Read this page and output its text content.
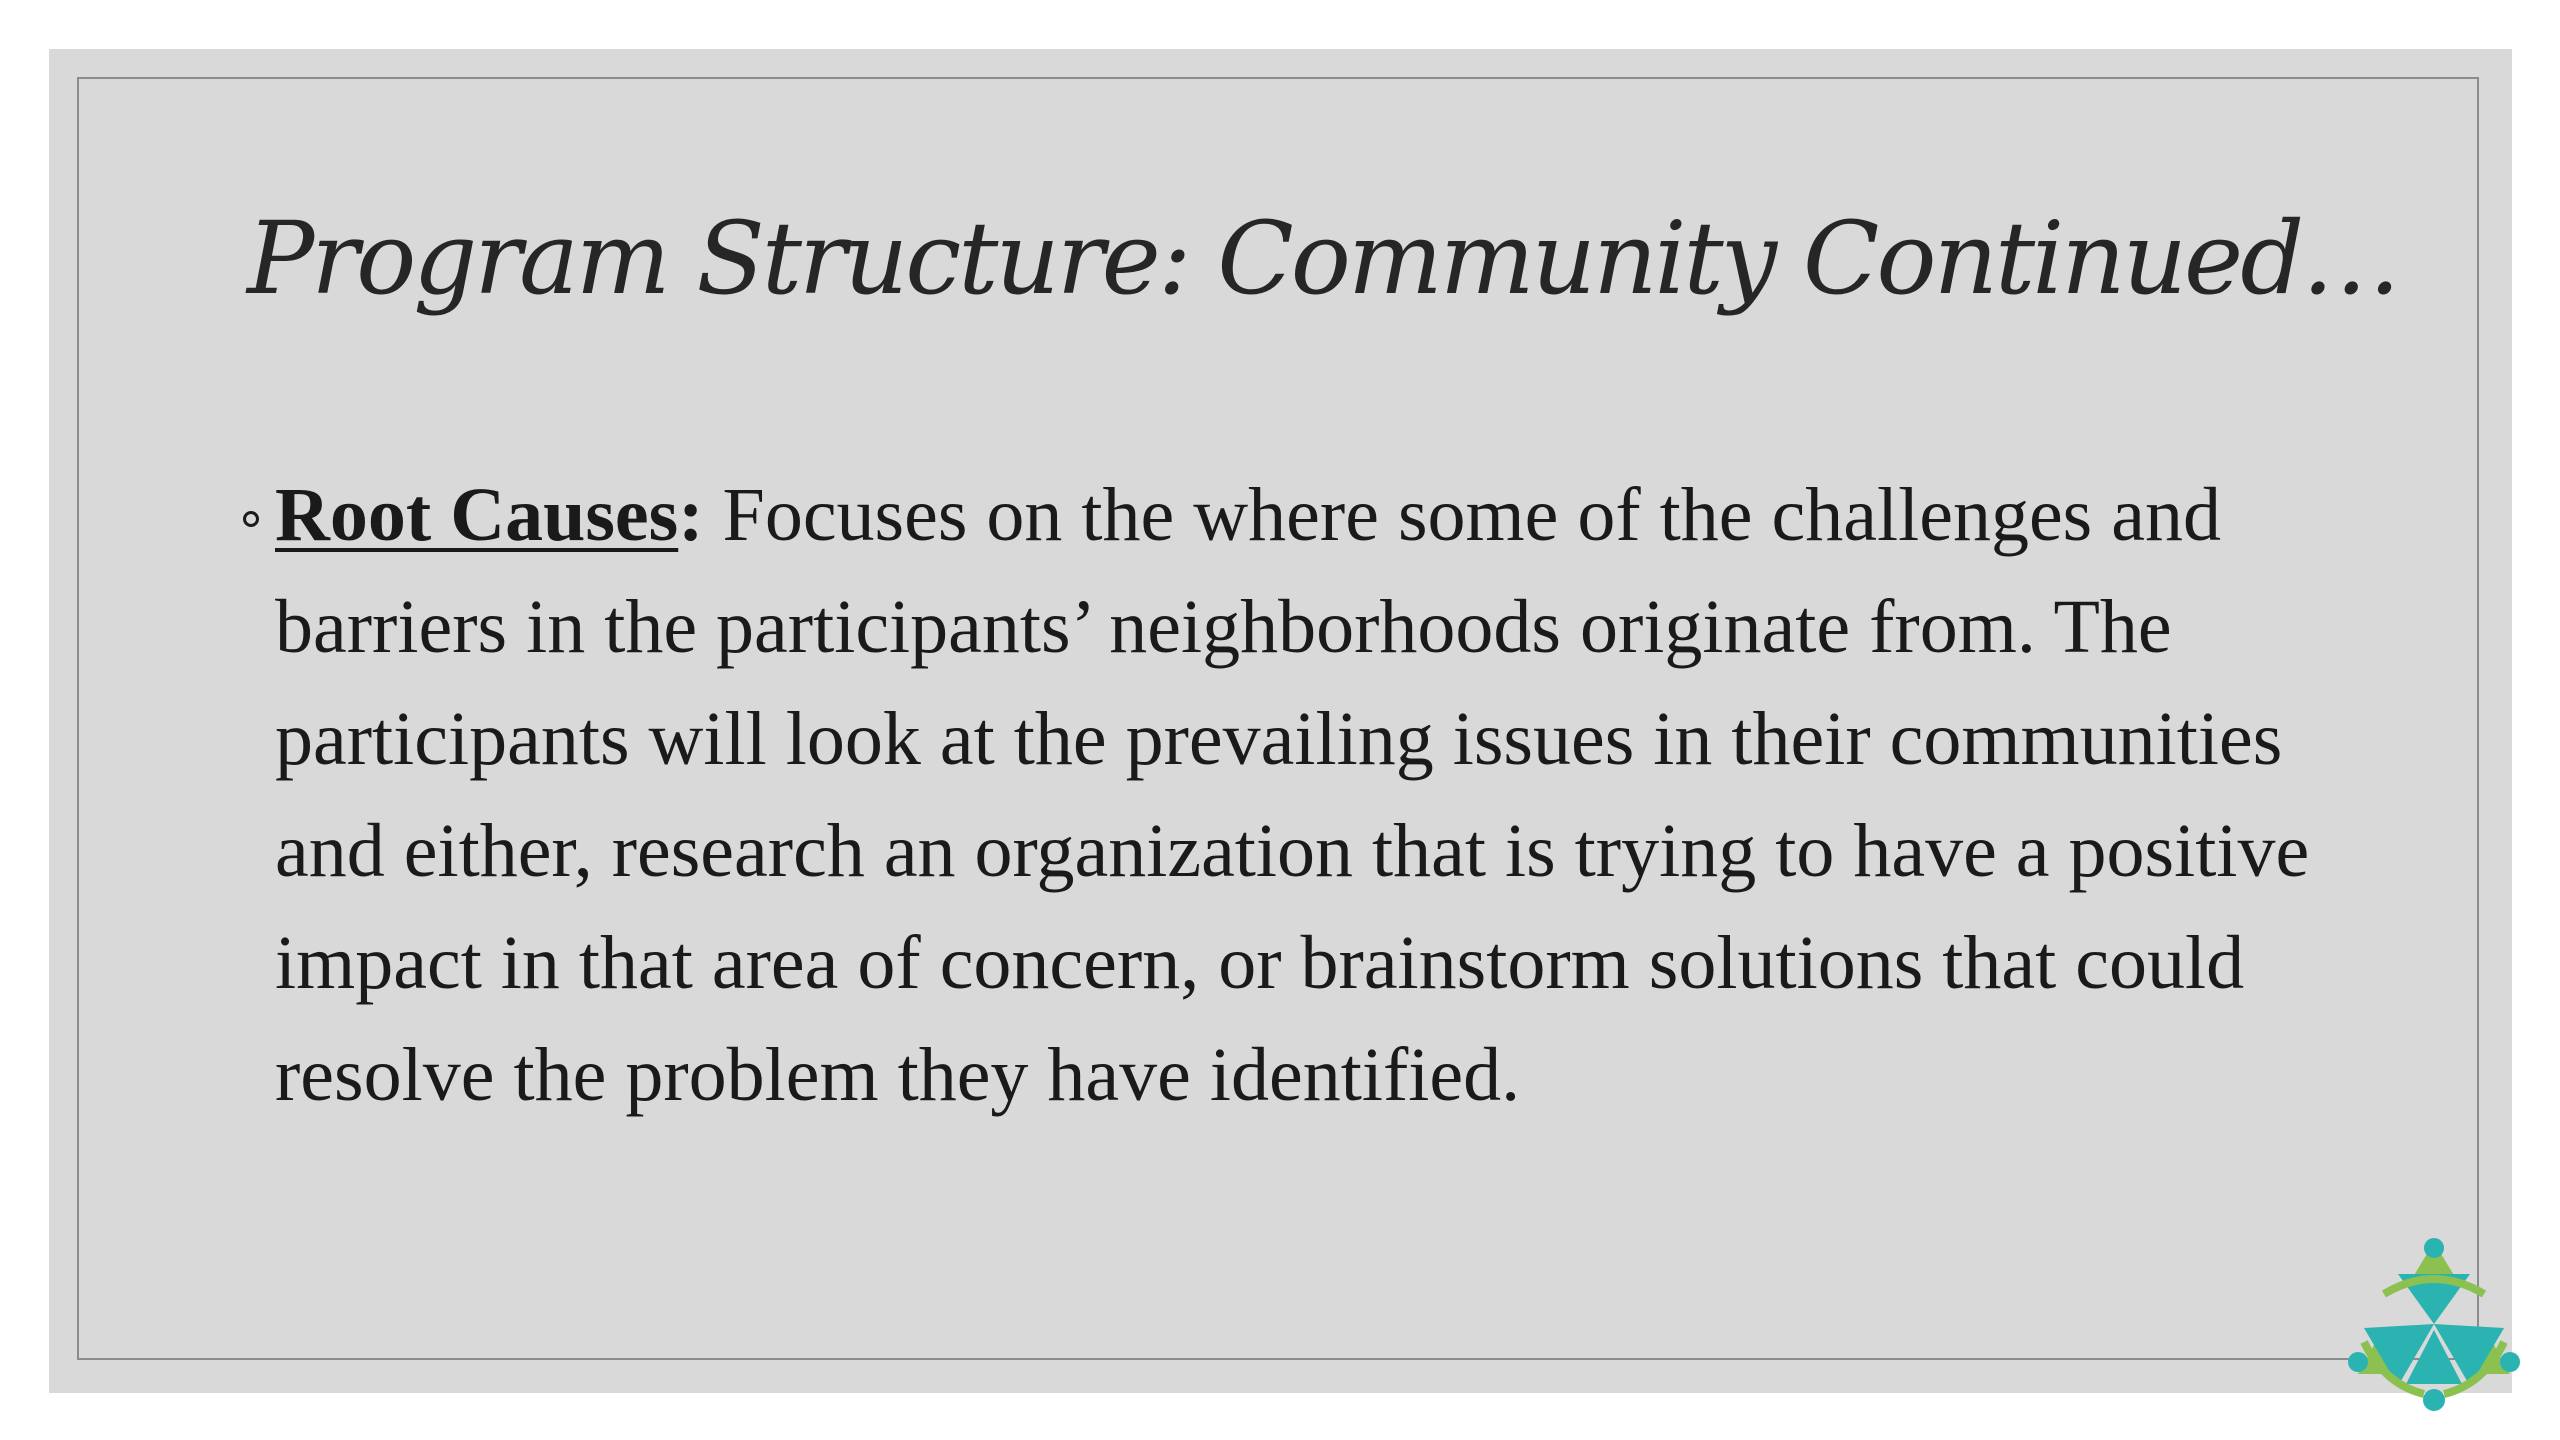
Program Structure: Community Continued…

Root Causes: Focuses on the where some of the challenges and barriers in the participants’ neighborhoods originate from. The participants will look at the prevailing issues in their communities and either, research an organization that is trying to have a positive impact in that area of concern, or brainstorm solutions that could resolve the problem they have identified.
